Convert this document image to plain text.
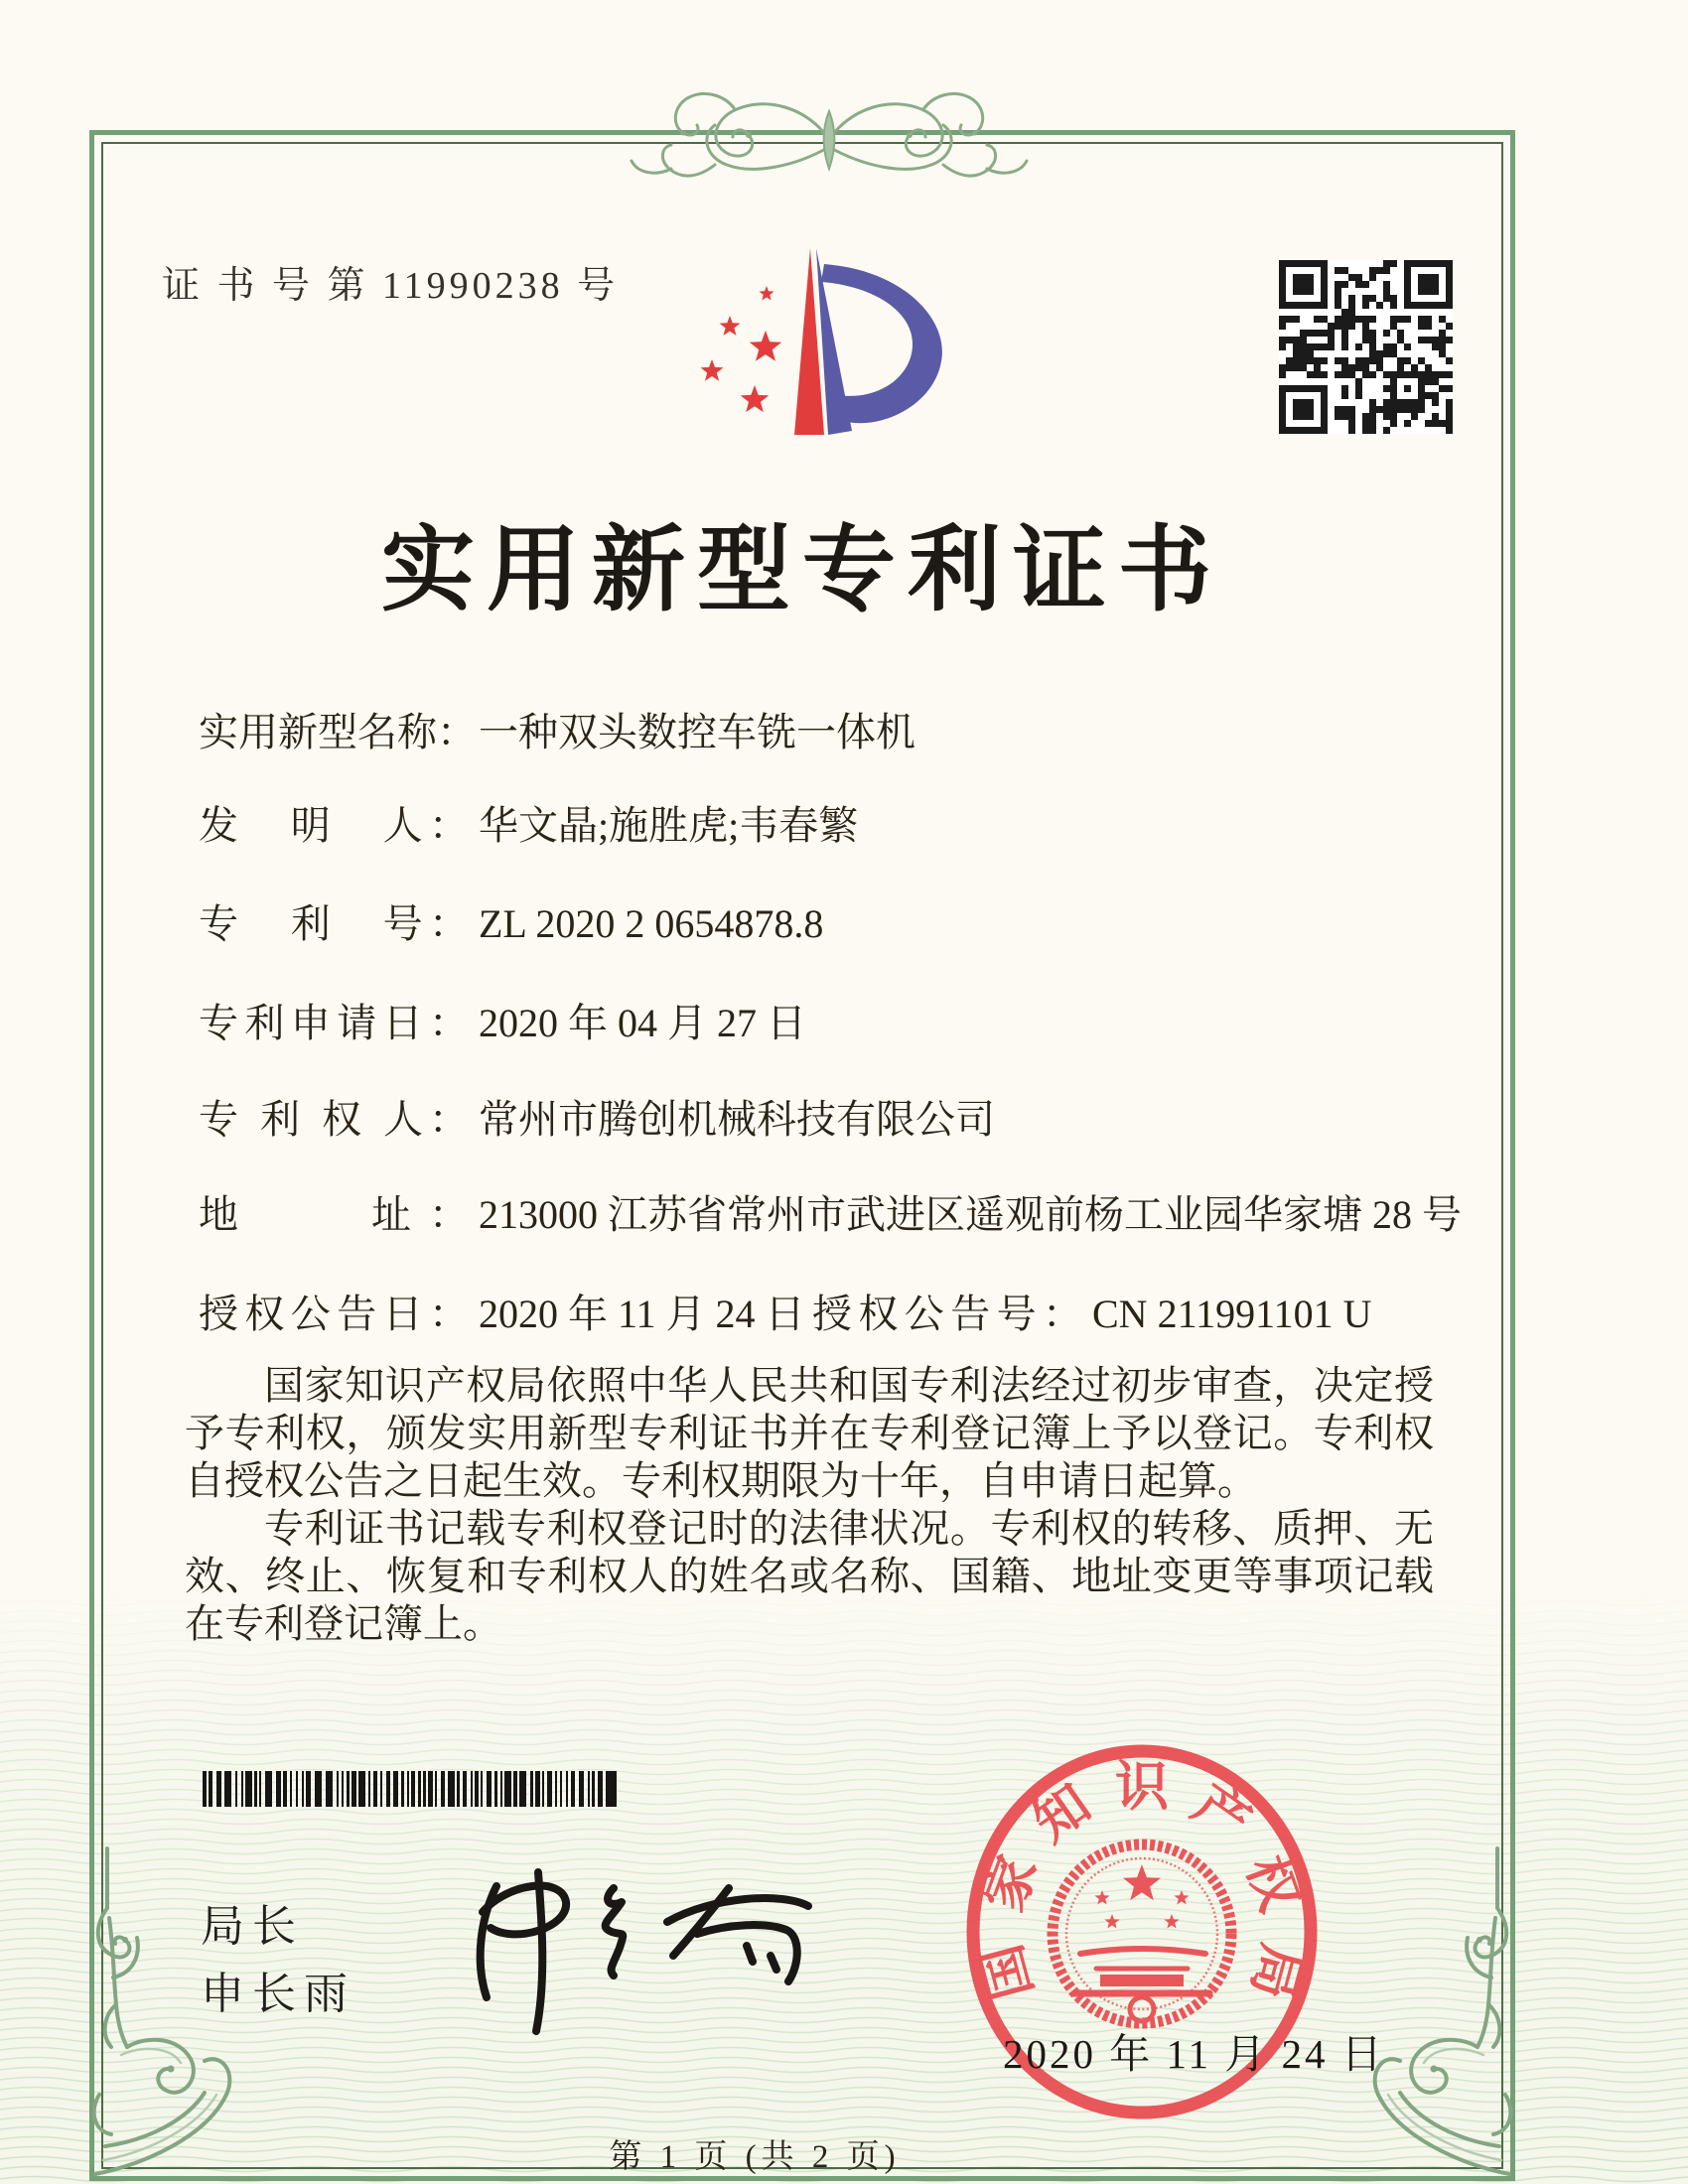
证 书 号 第 11990238 号
实用新型专利证书
实用新型名称：一种双头数控车铣一体机
发　明　人： 华文晶;施胜虎;韦春繁
专　利　号： ZL 2020 2 0654878.8
专利申请日： 2020 年 04 月 27 日
专 利 权 人： 常州市腾创机械科技有限公司
地　　址： 213000 江苏省常州市武进区遥观前杨工业园华家塘 28 号
授权公告日： 2020 年 11 月 24 日 授权公告号： CN 211991101 U

国家知识产权局依照中华人民共和国专利法经过初步审查，决定授予专利权，颁发实用新型专利证书并在专利登记簿上予以登记。专利权自授权公告之日起生效。专利权期限为十年，自申请日起算。

专利证书记载专利权登记时的法律状况。专利权的转移、质押、无效、终止、恢复和专利权人的姓名或名称、国籍、地址变更等事项记载在专利登记簿上。

局长
申长雨	国
家
知 识 产
权
局
2020 年 11 月 24 日
第 1 页 (共 2 页)
